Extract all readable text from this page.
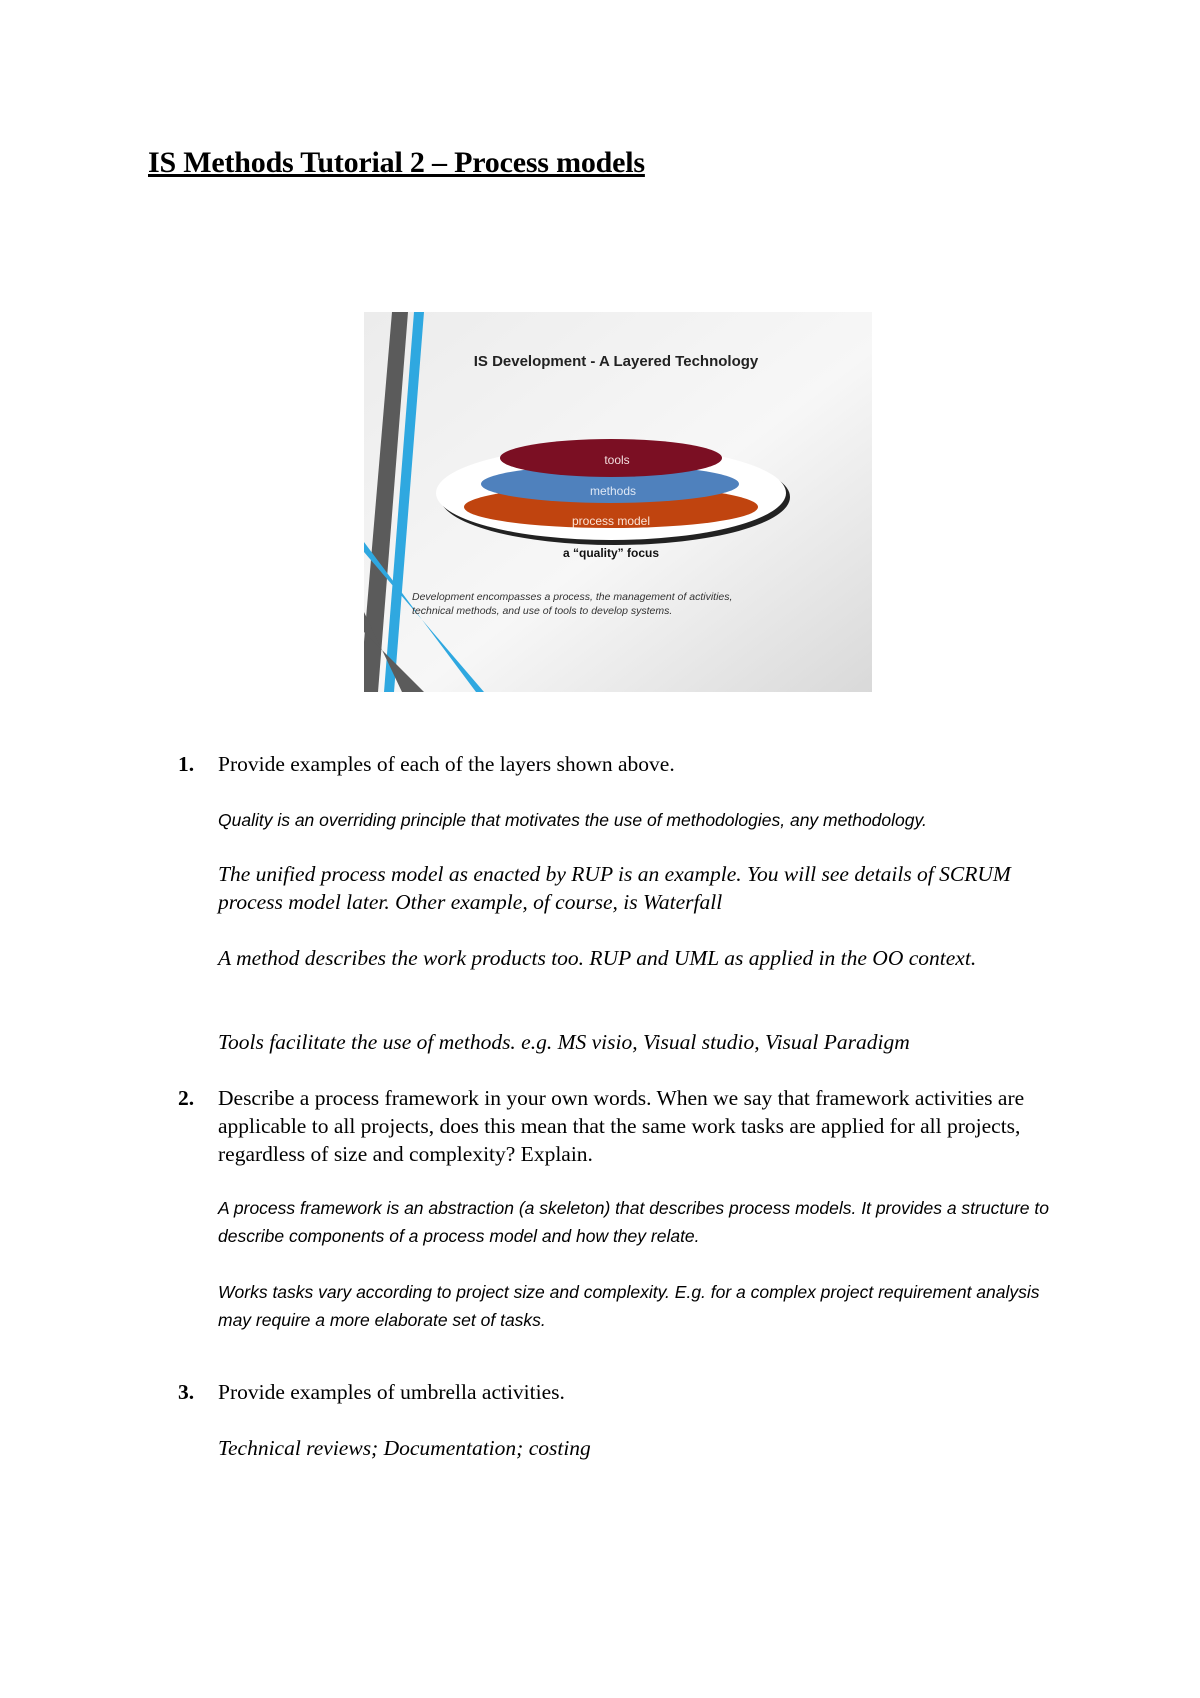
IS Methods Tutorial 2 – Process models
IS Development - A Layered Technology
tools
methods
process model
a “quality” focus
Development encompasses a process, the management of activities,
technical methods, and use of tools to develop systems.
1. Provide examples of each of the layers shown above.

Quality is an overriding principle that motivates the use of methodologies, any methodology.

The unified process model as enacted by RUP is an example. You will see details of SCRUM process model later. Other example, of course, is Waterfall

A method describes the work products too. RUP and UML as applied in the OO context.

Tools facilitate the use of methods. e.g. MS visio, Visual studio, Visual Paradigm

2. Describe a process framework in your own words. When we say that framework activities are applicable to all projects, does this mean that the same work tasks are applied for all projects, regardless of size and complexity? Explain.

A process framework is an abstraction (a skeleton) that describes process models. It provides a structure to describe components of a process model and how they relate.

Works tasks vary according to project size and complexity. E.g. for a complex project requirement analysis may require a more elaborate set of tasks.

3. Provide examples of umbrella activities.

Technical reviews; Documentation; costing
